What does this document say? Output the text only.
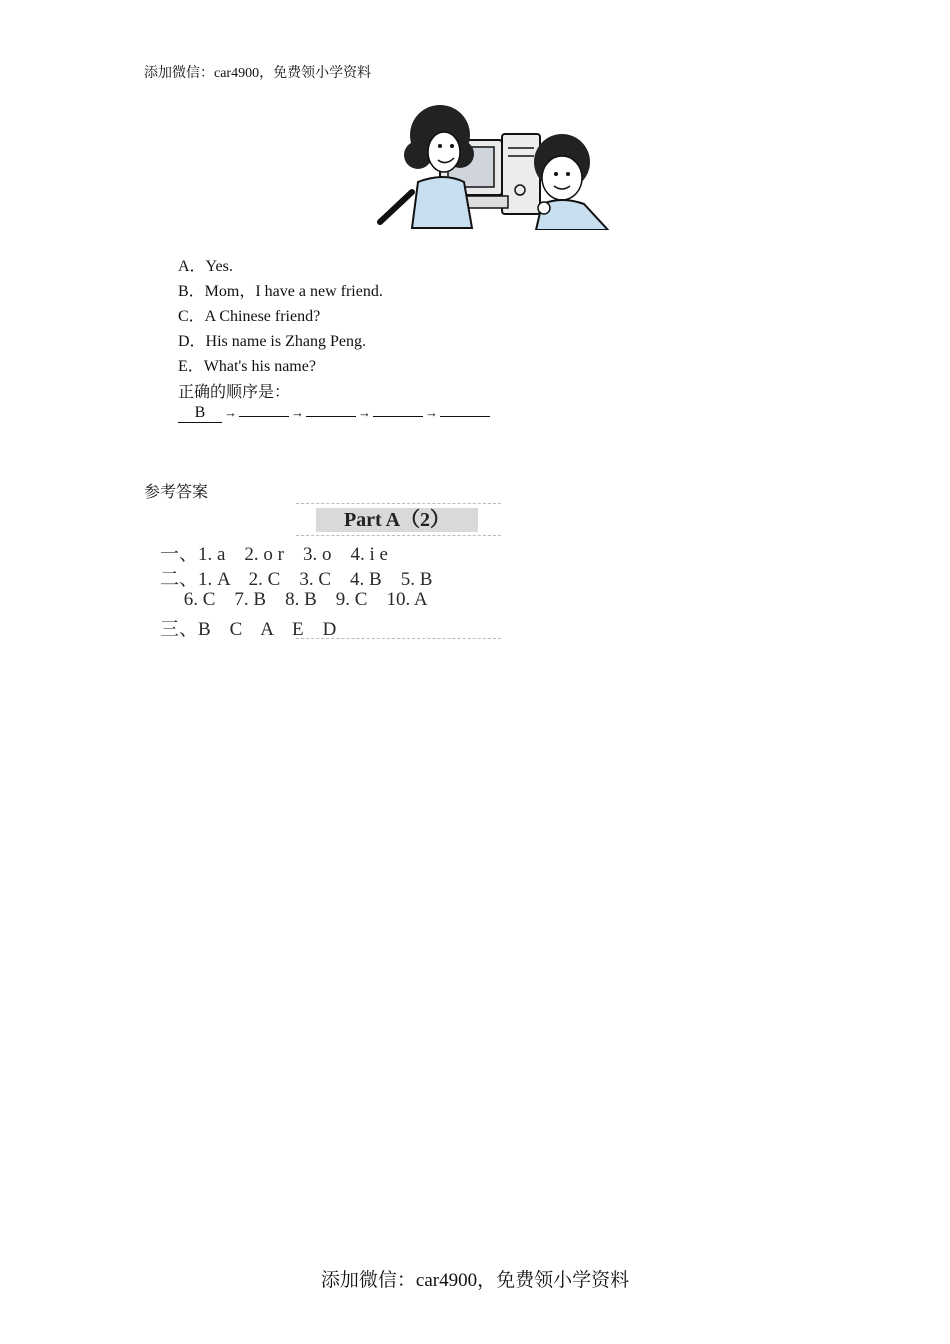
添加微信：car4900，免费领小学资料
A．Yes.
B．Mom，I have a new friend.
C．A Chinese friend?
D．His name is Zhang Peng.
E．What's his name?
正确的顺序是：
B →	→	→	→
参考答案
Part A（2）
一、1. a    2. o r    3. o    4. i e
二、1. A    2. C    3. C    4. B    5. B
6. C    7. B    8. B    9. C    10. A
三、B    C    A    E    D
添加微信：car4900，免费领小学资料
